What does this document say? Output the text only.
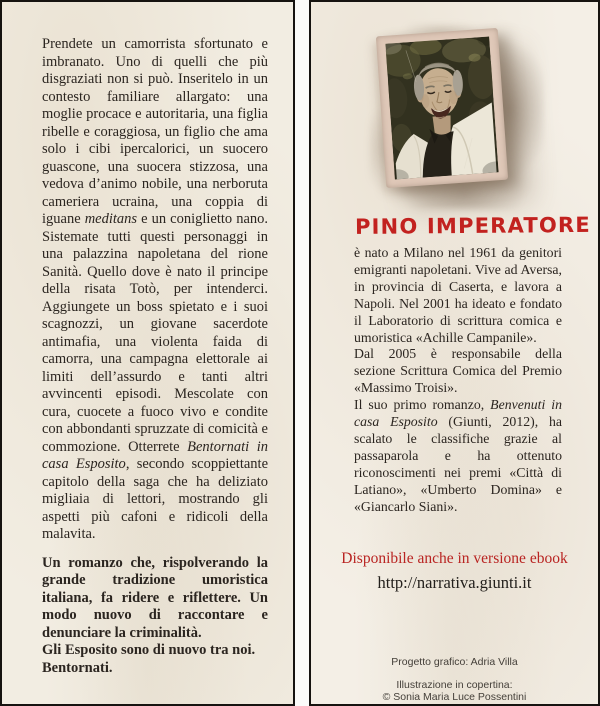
Prendete un camorrista sfortunato e imbranato. Uno di quelli che più disgraziati non si può. Inseritelo in un contesto familiare allargato: una moglie procace e autoritaria, una figlia ribelle e coraggiosa, un figlio che ama solo i cibi ipercalorici, un suocero guascone, una suocera stizzosa, una vedova d’animo nobile, una nerboruta cameriera ucraina, una coppia di iguane meditans e un coniglietto nano. Sistemate tutti questi personaggi in una palazzina napoletana del rione Sanità. Quello dove è nato il principe della risata Totò, per intenderci. Aggiungete un boss spietato e i suoi scagnozzi, un giovane sacerdote antimafia, una violenta faida di camorra, una campagna elettorale ai limiti dell’assurdo e tanti altri avvincenti episodi. Mescolate con cura, cuocete a fuoco vivo e condite con abbondanti spruzzate di comicità e commozione. Otterrete Bentornati in casa Esposito, secondo scoppiettante capitolo della saga che ha deliziato migliaia di lettori, mostrando gli aspetti più cafoni e ridicoli della malavita.

Un romanzo che, rispolverando la grande tradizione umoristica italiana, fa ridere e riflettere. Un modo nuovo di raccontare e denunciare la criminalità.

Gli Esposito sono di nuovo tra noi.

Bentornati.

PINO IMPERATORE

è nato a Milano nel 1961 da genitori emigranti napoletani. Vive ad Aversa, in provincia di Caserta, e lavora a Napoli. Nel 2001 ha ideato e fondato il Laboratorio di scrittura comica e umoristica «Achille Campanile».

Dal 2005 è responsabile della sezione Scrittura Comica del Premio «Massimo Troisi».

Il suo primo romanzo, Benvenuti in casa Esposito (Giunti, 2012), ha scalato le classifiche grazie al passaparola e ha ottenuto riconoscimenti nei premi «Città di Latiano», «Umberto Domina» e «Giancarlo Siani».

Disponibile anche in versione ebook
http://narrativa.giunti.it
Progetto grafico: Adria Villa
Illustrazione in copertina:
© Sonia Maria Luce Possentini
